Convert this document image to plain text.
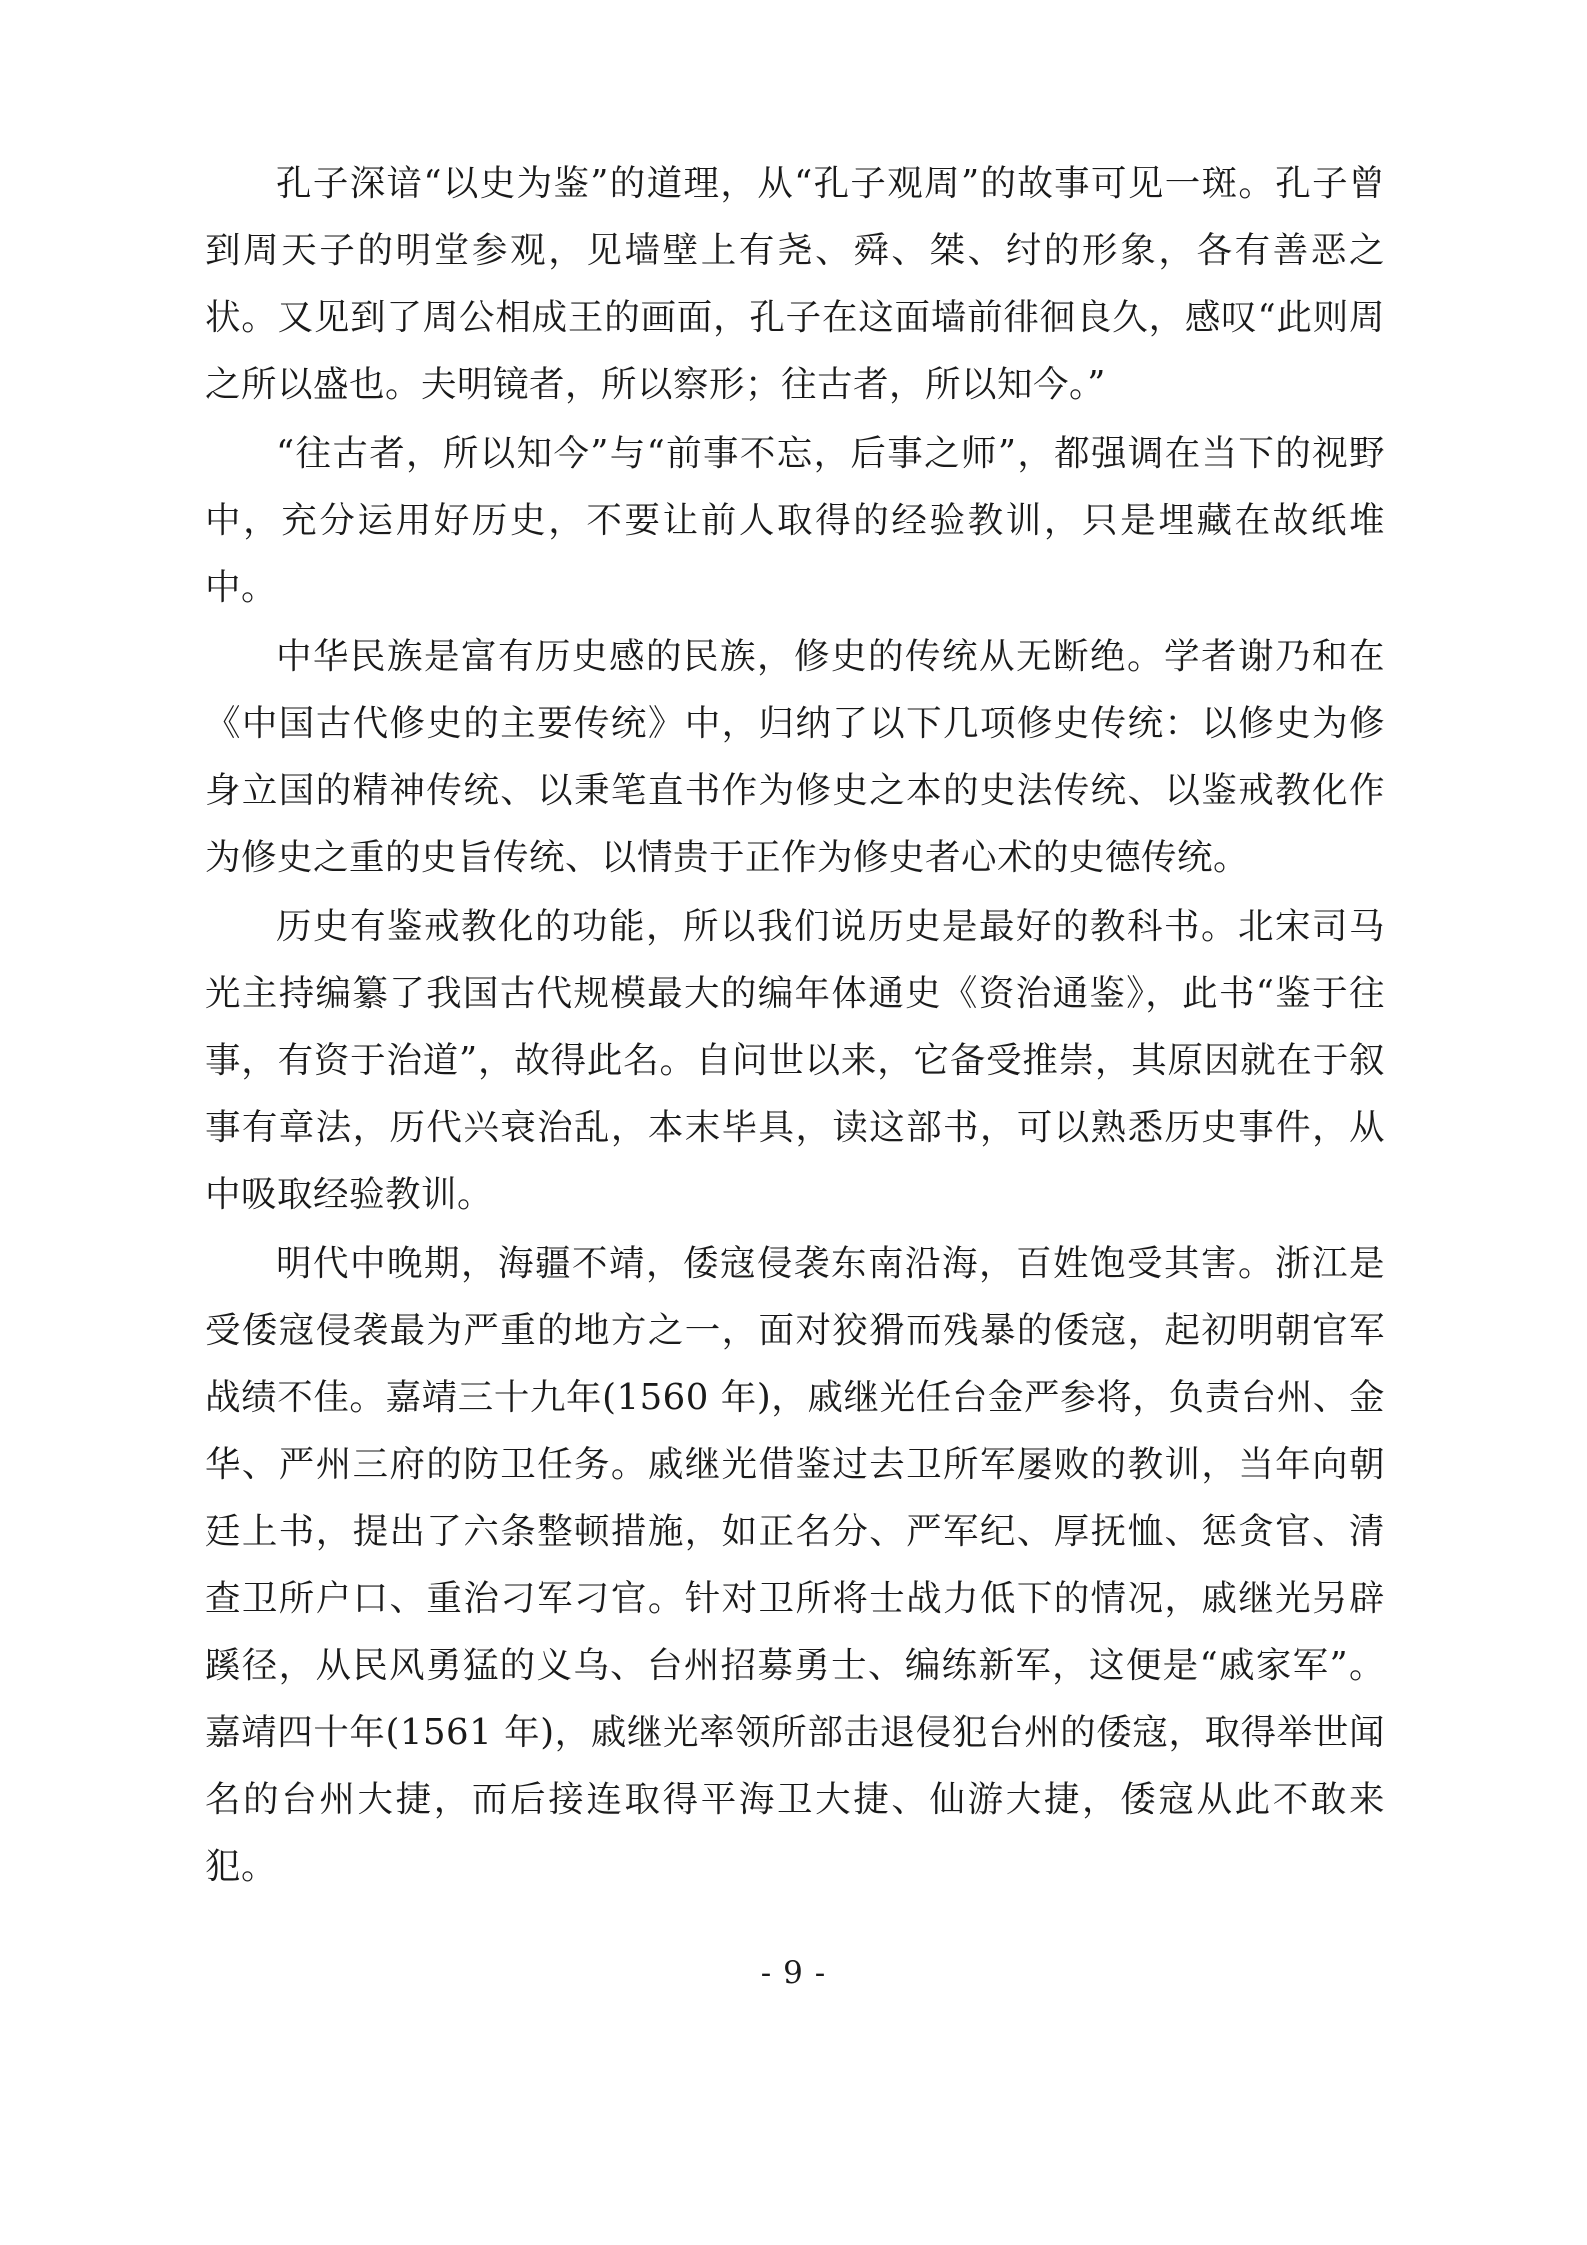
孔子深谙“以史为鉴”的道理，从“孔子观周”的故事可见一斑。孔子曾到周天子的明堂参观，见墙壁上有尧、舜、桀、纣的形象，各有善恶之状。又见到了周公相成王的画面，孔子在这面墙前徘徊良久，感叹“此则周之所以盛也。夫明镜者，所以察形；往古者，所以知今。”

“往古者，所以知今”与“前事不忘，后事之师”，都强调在当下的视野中，充分运用好历史，不要让前人取得的经验教训，只是埋藏在故纸堆中。

中华民族是富有历史感的民族，修史的传统从无断绝。学者谢乃和在《中国古代修史的主要传统》中，归纳了以下几项修史传统：以修史为修身立国的精神传统、以秉笔直书作为修史之本的史法传统、以鉴戒教化作为修史之重的史旨传统、以情贵于正作为修史者心术的史德传统。

历史有鉴戒教化的功能，所以我们说历史是最好的教科书。北宋司马光主持编纂了我国古代规模最大的编年体通史《资治通鉴》，此书“鉴于往事，有资于治道”，故得此名。自问世以来，它备受推崇，其原因就在于叙事有章法，历代兴衰治乱，本末毕具，读这部书，可以熟悉历史事件，从中吸取经验教训。

明代中晚期，海疆不靖，倭寇侵袭东南沿海，百姓饱受其害。浙江是受倭寇侵袭最为严重的地方之一，面对狡猾而残暴的倭寇，起初明朝官军战绩不佳。嘉靖三十九年(1560 年)，戚继光任台金严参将，负责台州、金华、严州三府的防卫任务。戚继光借鉴过去卫所军屡败的教训，当年向朝廷上书，提出了六条整顿措施，如正名分、严军纪、厚抚恤、惩贪官、清查卫所户口、重治刁军刁官。针对卫所将士战力低下的情况，戚继光另辟蹊径，从民风勇猛的义乌、台州招募勇士、编练新军，这便是“戚家军”。嘉靖四十年(1561 年)，戚继光率领所部击退侵犯台州的倭寇，取得举世闻名的台州大捷，而后接连取得平海卫大捷、仙游大捷，倭寇从此不敢来犯。

- 9 -
